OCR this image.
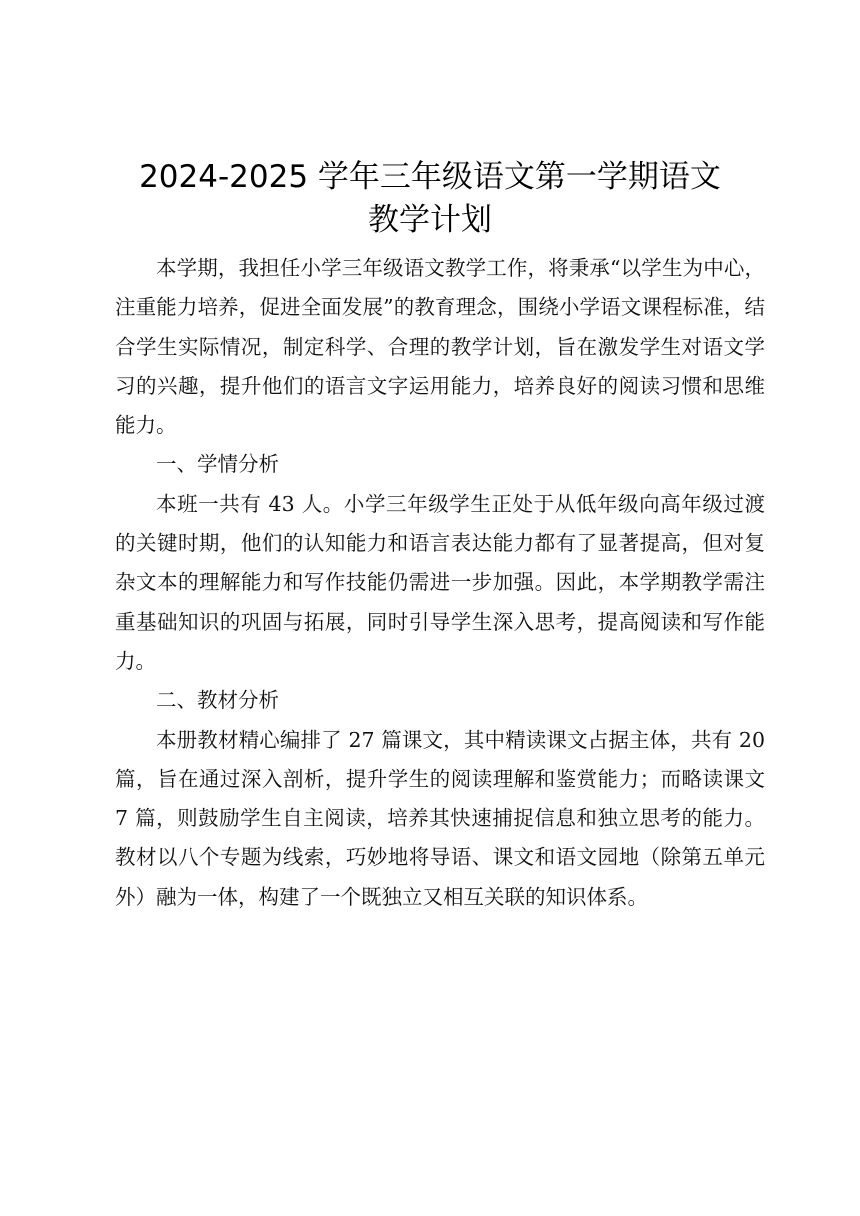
2024-2025 学年三年级语文第一学期语文
教学计划

本学期，我担任小学三年级语文教学工作，将秉承“以学生为中心，注重能力培养，促进全面发展”的教育理念，围绕小学语文课程标准，结合学生实际情况，制定科学、合理的教学计划，旨在激发学生对语文学习的兴趣，提升他们的语言文字运用能力，培养良好的阅读习惯和思维能力。

一、学情分析

本班一共有 43 人。小学三年级学生正处于从低年级向高年级过渡的关键时期，他们的认知能力和语言表达能力都有了显著提高，但对复杂文本的理解能力和写作技能仍需进一步加强。因此，本学期教学需注重基础知识的巩固与拓展，同时引导学生深入思考，提高阅读和写作能力。

二、教材分析

本册教材精心编排了 27 篇课文，其中精读课文占据主体，共有 20 篇，旨在通过深入剖析，提升学生的阅读理解和鉴赏能力；而略读课文 7 篇，则鼓励学生自主阅读，培养其快速捕捉信息和独立思考的能力。教材以八个专题为线索，巧妙地将导语、课文和语文园地（除第五单元外）融为一体，构建了一个既独立又相互关联的知识体系。
